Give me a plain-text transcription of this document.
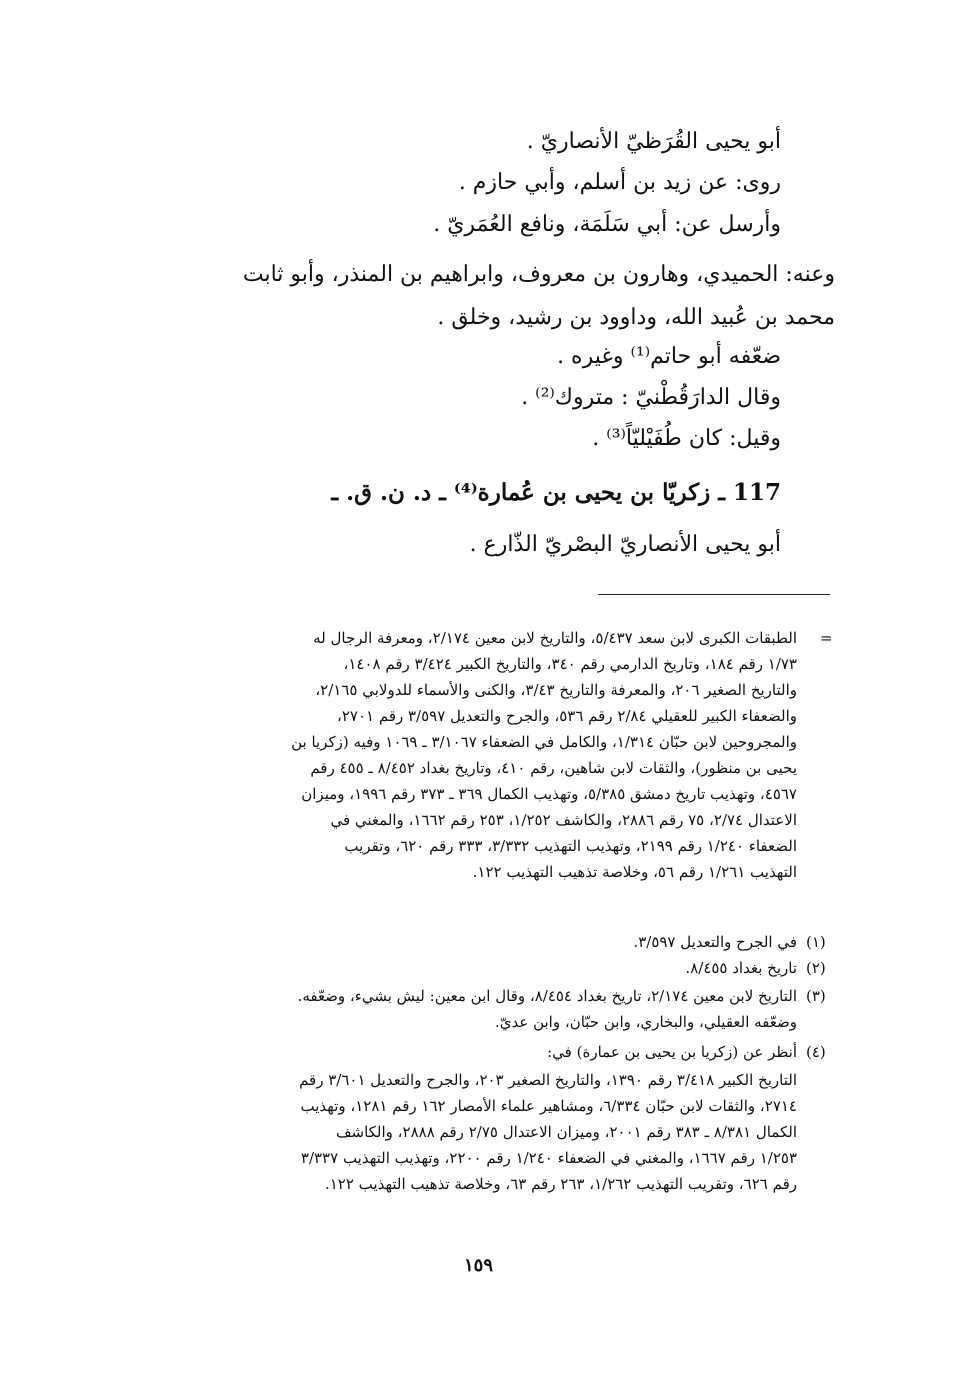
أبو يحيى القُرَظيّ الأنصاريّ .
روى: عن زيد بن أسلم، وأبي حازم .
وأرسل عن: أبي سَلَمَة، ونافع العُمَريّ .
وعنه: الحميدي، وهارون بن معروف، وابراهيم بن المنذر، وأبو ثابت
محمد بن عُبيد الله، وداوود بن رشيد، وخلق .
ضعّفه أبو حاتم⁽¹⁾ وغيره .
وقال الدارَقُطْنيّ : متروك⁽²⁾ .
وقيل: كان طُفَيْليّاً⁽³⁾ .
117 ـ زكريّا بن يحيى بن عُمارة⁽⁴⁾ ـ د. ن. ق. ـ
أبو يحيى الأنصاريّ البصْريّ الذّارع .
=
الطبقات الكبرى لابن سعد ٥/٤٣٧، والتاريخ لابن معين ٢/١٧٤، ومعرفة الرجال له
١/٧٣ رقم ١٨٤، وتاريخ الدارمي رقم ٣٤٠، والتاريخ الكبير ٣/٤٢٤ رقم ١٤٠٨،
والتاريخ الصغير ٢٠٦، والمعرفة والتاريخ ٣/٤٣، والكنى والأسماء للدولابي ٢/١٦٥،
والضعفاء الكبير للعقيلي ٢/٨٤ رقم ٥٣٦، والجرح والتعديل ٣/٥٩٧ رقم ٢٧٠١،
والمجروحين لابن حبّان ١/٣١٤، والكامل في الضعفاء ٣/١٠٦٧ ـ ١٠٦٩ وفيه (زكريا بن
يحيى بن منظور)، والثقات لابن شاهين، رقم ٤١٠، وتاريخ بغداد ٨/٤٥٢ ـ ٤٥٥ رقم
٤٥٦٧، وتهذيب تاريخ دمشق ٥/٣٨٥، وتهذيب الكمال ٣٦٩ ـ ٣٧٣ رقم ١٩٩٦، وميزان
الاعتدال ٢/٧٤، ٧٥ رقم ٢٨٨٦، والكاشف ١/٢٥٢، ٢٥٣ رقم ١٦٦٢، والمغني في
الضعفاء ١/٢٤٠ رقم ٢١٩٩، وتهذيب التهذيب ٣/٣٣٢، ٣٣٣ رقم ٦٢٠، وتقريب
التهذيب ١/٢٦١ رقم ٥٦، وخلاصة تذهيب التهذيب ١٢٢.
(١)
في الجرح والتعديل ٣/٥٩٧.
(٢)
تاريخ بغداد ٨/٤٥٥.
(٣)
التاريخ لابن معين ٢/١٧٤، تاريخ بغداد ٨/٤٥٤، وقال ابن معين: ليش بشيء، وضعّفه.
وضعّفه العقيلي، والبخاري، وابن حبّان، وابن عديّ.
(٤)
أنظر عن (زكريا بن يحيى بن عمارة) في:
التاريخ الكبير ٣/٤١٨ رقم ١٣٩٠، والتاريخ الصغير ٢٠٣، والجرح والتعديل ٣/٦٠١ رقم
٢٧١٤، والثقات لابن حبّان ٦/٣٣٤، ومشاهير علماء الأمصار ١٦٢ رقم ١٢٨١، وتهذيب
الكمال ٨/٣٨١ ـ ٣٨٣ رقم ٢٠٠١، وميزان الاعتدال ٢/٧٥ رقم ٢٨٨٨، والكاشف
١/٢٥٣ رقم ١٦٦٧، والمغني في الضعفاء ١/٢٤٠ رقم ٢٢٠٠، وتهذيب التهذيب ٣/٣٣٧
رقم ٦٢٦، وتقريب التهذيب ١/٢٦٢، ٢٦٣ رقم ٦٣، وخلاصة تذهيب التهذيب ١٢٢.
١٥٩
